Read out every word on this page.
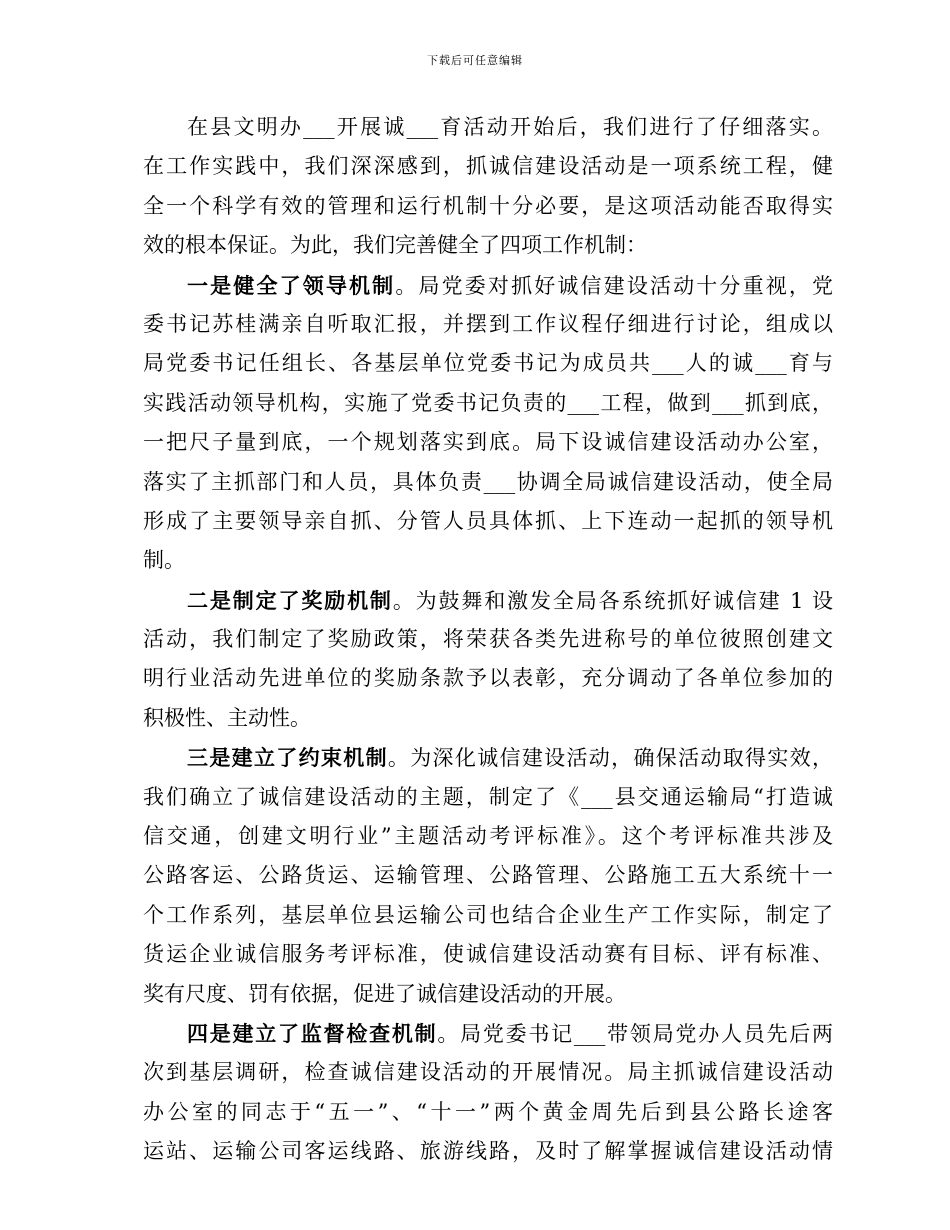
下载后可任意编辑
在县文明办___开展诚___育活动开始后，我们进行了仔细落实。
在工作实践中，我们深深感到，抓诚信建设活动是一项系统工程，健
全一个科学有效的管理和运行机制十分必要，是这项活动能否取得实
效的根本保证。为此，我们完善健全了四项工作机制：
一是健全了领导机制。局党委对抓好诚信建设活动十分重视，党
委书记苏桂满亲自听取汇报，并摆到工作议程仔细进行讨论，组成以
局党委书记任组长、各基层单位党委书记为成员共___人的诚___育与
实践活动领导机构，实施了党委书记负责的___工程，做到___抓到底，
一把尺子量到底，一个规划落实到底。局下设诚信建设活动办公室，
落实了主抓部门和人员，具体负责___协调全局诚信建设活动，使全局
形成了主要领导亲自抓、分管人员具体抓、上下连动一起抓的领导机
制。
二是制定了奖励机制。为鼓舞和激发全局各系统抓好诚信建 1 设
活动，我们制定了奖励政策，将荣获各类先进称号的单位彼照创建文
明行业活动先进单位的奖励条款予以表彰，充分调动了各单位参加的
积极性、主动性。
三是建立了约束机制。为深化诚信建设活动，确保活动取得实效，
我们确立了诚信建设活动的主题，制定了《___县交通运输局“打造诚
信交通，创建文明行业”主题活动考评标准》。这个考评标准共涉及
公路客运、公路货运、运输管理、公路管理、公路施工五大系统十一
个工作系列，基层单位县运输公司也结合企业生产工作实际，制定了
货运企业诚信服务考评标准，使诚信建设活动赛有目标、评有标准、
奖有尺度、罚有依据，促进了诚信建设活动的开展。
四是建立了监督检查机制。局党委书记___带领局党办人员先后两
次到基层调研，检查诚信建设活动的开展情况。局主抓诚信建设活动
办公室的同志于“五一”、“十一”两个黄金周先后到县公路长途客
运站、运输公司客运线路、旅游线路，及时了解掌握诚信建设活动情
